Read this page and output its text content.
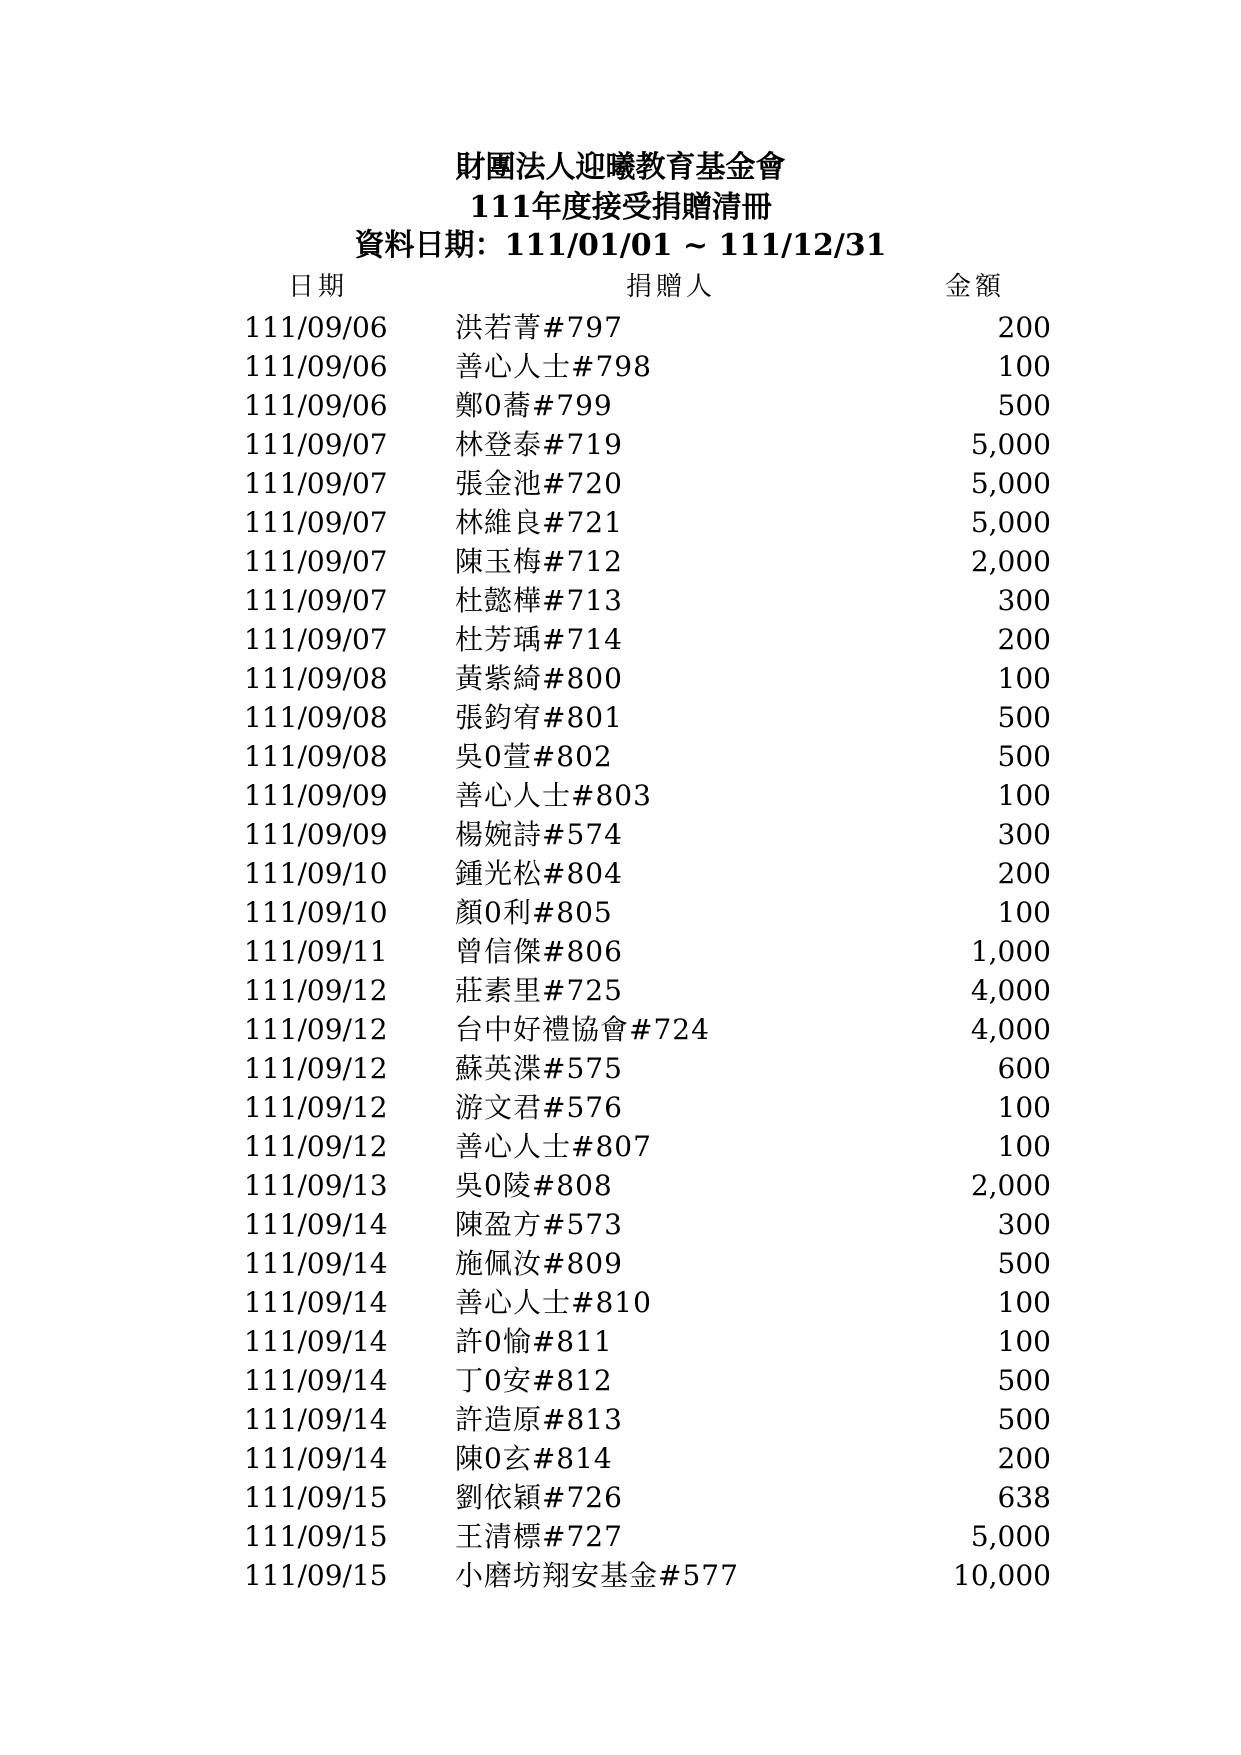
財團法人迎曦教育基金會
111年度接受捐贈清冊
資料日期：111/01/01 ~ 111/12/31
日期	捐贈人	金額
111/09/06 洪若菁#797	200
111/09/06 善心人士#798	100
111/09/06 鄭0蕎#799	500
111/09/07 林登泰#719	5,000
111/09/07 張金池#720	5,000
111/09/07 林維良#721	5,000
111/09/07 陳玉梅#712	2,000
111/09/07 杜懿樺#713	300
111/09/07 杜芳瑀#714	200
111/09/08 黃紫綺#800	100
111/09/08 張鈞宥#801	500
111/09/08 吳0萱#802	500
111/09/09 善心人士#803	100
111/09/09 楊婉詩#574	300
111/09/10 鍾光松#804	200
111/09/10 顏0利#805	100
111/09/11 曾信傑#806	1,000
111/09/12 莊素里#725	4,000
111/09/12 台中好禮協會#724	4,000
111/09/12 蘇英渫#575	600
111/09/12 游文君#576	100
111/09/12 善心人士#807	100
111/09/13 吳0陵#808	2,000
111/09/14 陳盈方#573	300
111/09/14 施佩汝#809	500
111/09/14 善心人士#810	100
111/09/14 許0愉#811	100
111/09/14 丁0安#812	500
111/09/14 許造原#813	500
111/09/14 陳0玄#814	200
111/09/15 劉依穎#726	638
111/09/15 王清標#727	5,000
111/09/15 小磨坊翔安基金#577	10,000
